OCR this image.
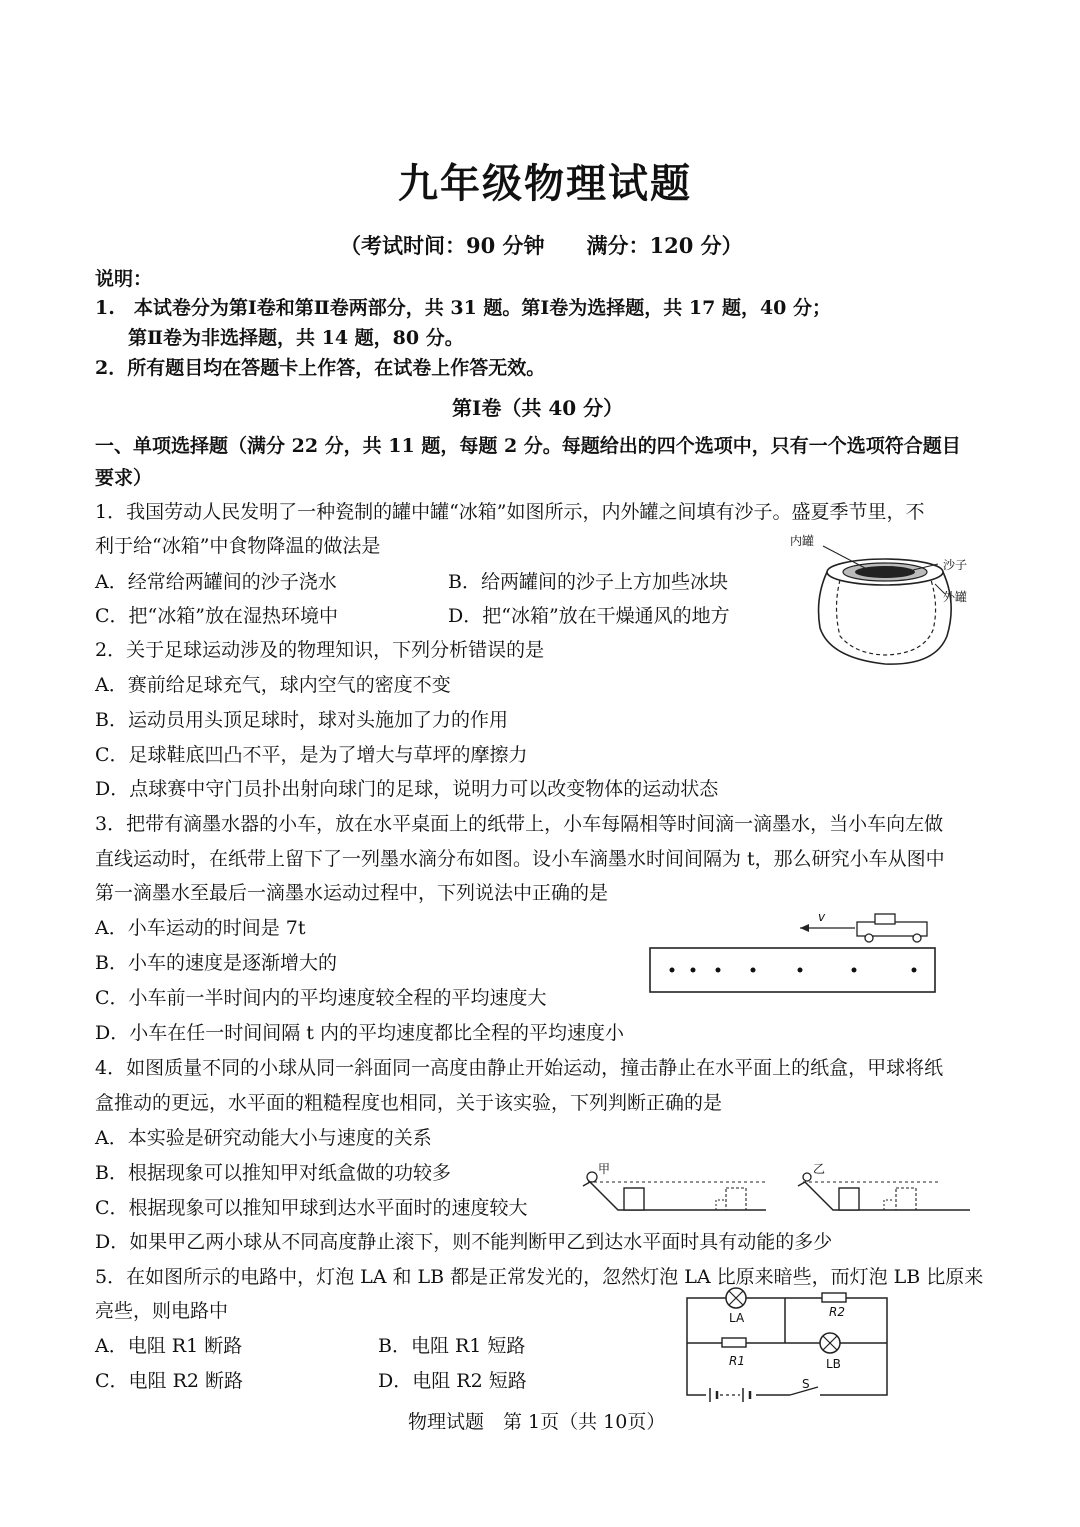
九年级物理试题
（考试时间：90 分钟　　满分：120 分）
说明：
1.　本试卷分为第Ⅰ卷和第Ⅱ卷两部分，共 31 题。第Ⅰ卷为选择题，共 17 题，40 分；
第Ⅱ卷为非选择题，共 14 题，80 分。
2．所有题目均在答题卡上作答，在试卷上作答无效。
第Ⅰ卷（共 40 分）
一、单项选择题（满分 22 分，共 11 题，每题 2 分。每题给出的四个选项中，只有一个选项符合题目
要求）
1．我国劳动人民发明了一种瓷制的罐中罐“冰箱”如图所示，内外罐之间填有沙子。盛夏季节里，不
利于给“冰箱”中食物降温的做法是
A．经常给两罐间的沙子浇水	B．给两罐间的沙子上方加些冰块
C．把“冰箱”放在湿热环境中	D．把“冰箱”放在干燥通风的地方
内罐
沙子
外罐
2．关于足球运动涉及的物理知识，下列分析错误的是
A．赛前给足球充气，球内空气的密度不变
B．运动员用头顶足球时，球对头施加了力的作用
C．足球鞋底凹凸不平，是为了增大与草坪的摩擦力
D．点球赛中守门员扑出射向球门的足球，说明力可以改变物体的运动状态
3．把带有滴墨水器的小车，放在水平桌面上的纸带上，小车每隔相等时间滴一滴墨水，当小车向左做
直线运动时，在纸带上留下了一列墨水滴分布如图。设小车滴墨水时间间隔为 t，那么研究小车从图中
第一滴墨水至最后一滴墨水运动过程中，下列说法中正确的是
A．小车运动的时间是 7t
B．小车的速度是逐渐增大的
C．小车前一半时间内的平均速度较全程的平均速度大
D．小车在任一时间间隔 t 内的平均速度都比全程的平均速度小
v
4．如图质量不同的小球从同一斜面同一高度由静止开始运动，撞击静止在水平面上的纸盒，甲球将纸
盒推动的更远，水平面的粗糙程度也相同，关于该实验，下列判断正确的是
A．本实验是研究动能大小与速度的关系
B．根据现象可以推知甲对纸盒做的功较多
C．根据现象可以推知甲球到达水平面时的速度较大
D．如果甲乙两小球从不同高度静止滚下，则不能判断甲乙到达水平面时具有动能的多少
甲	乙
5．在如图所示的电路中，灯泡 LA 和 LB 都是正常发光的，忽然灯泡 LA 比原来暗些，而灯泡 LB 比原来
亮些，则电路中
A．电阻 R1 断路	B．电阻 R1 短路
C．电阻 R2 断路	D．电阻 R2 短路
LA	R2
R1	LB
S
物理试题　第 1页（共 10页）
